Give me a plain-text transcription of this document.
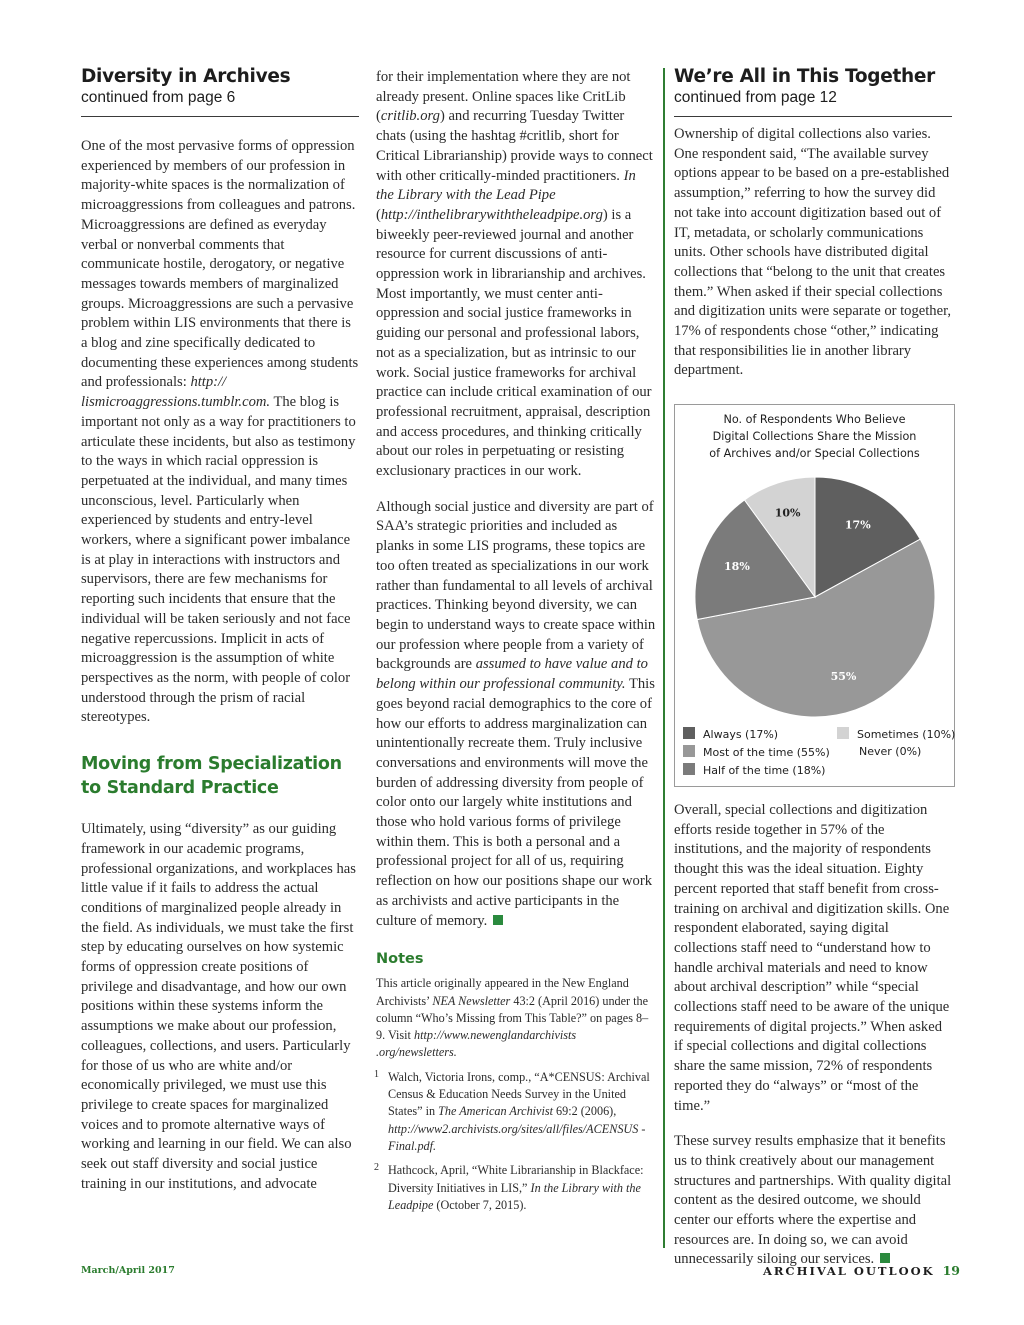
Diversity in Archives
continued from page 6

One of the most pervasive forms of oppression experienced by members of our profession in majority-white spaces is the normalization of microaggressions from colleagues and patrons. Microaggressions are defined as everyday verbal or nonverbal comments that communicate hostile, derogatory, or negative messages towards members of marginalized groups. Microaggressions are such a pervasive problem within LIS environments that there is a blog and zine specifically dedicated to documenting these experiences among students and professionals: http:// lismicroaggressions.tumblr.com. The blog is important not only as a way for practitioners to articulate these incidents, but also as testimony to the ways in which racial oppression is perpetuated at the individual, and many times unconscious, level. Particularly when experienced by students and entry-level workers, where a significant power imbalance is at play in interactions with instructors and supervisors, there are few mechanisms for reporting such incidents that ensure that the individual will be taken seriously and not face negative repercussions. Implicit in acts of microaggression is the assumption of white perspectives as the norm, with people of color understood through the prism of racial stereotypes.

Moving from Specialization
to Standard Practice

Ultimately, using “diversity” as our guiding framework in our academic programs, professional organizations, and workplaces has little value if it fails to address the actual conditions of marginalized people already in the field. As individuals, we must take the first step by educating ourselves on how systemic forms of oppression create positions of privilege and disadvantage, and how our own positions within these systems inform the assumptions we make about our profession, colleagues, collections, and users. Particularly for those of us who are white and/or economically privileged, we must use this privilege to create spaces for marginalized voices and to promote alternative ways of working and learning in our field. We can also seek out staff diversity and social justice training in our institutions, and advocate

for their implementation where they are not already present. Online spaces like CritLib (critlib.org) and recurring Tuesday Twitter chats (using the hashtag #critlib, short for Critical Librarianship) provide ways to connect with other critically-minded practitioners. In the Library with the Lead Pipe (http://inthelibrarywiththeleadpipe.org) is a biweekly peer-reviewed journal and another resource for current discussions of anti-oppression work in librarianship and archives. Most importantly, we must center anti-oppression and social justice frameworks in guiding our personal and professional labors, not as a specialization, but as intrinsic to our work. Social justice frameworks for archival practice can include critical examination of our professional recruitment, appraisal, description and access procedures, and thinking critically about our roles in perpetuating or resisting exclusionary practices in our work.

Although social justice and diversity are part of SAA’s strategic priorities and included as planks in some LIS programs, these topics are too often treated as specializations in our work rather than fundamental to all levels of archival practices. Thinking beyond diversity, we can begin to understand ways to create space within our profession where people from a variety of backgrounds are assumed to have value and to belong within our professional community. This goes beyond racial demographics to the core of how our efforts to address marginalization can unintentionally recreate them. Truly inclusive conversations and environments will move the burden of addressing diversity from people of color onto our largely white institutions and those who hold various forms of privilege within them. This is both a personal and a professional project for all of us, requiring reflection on how our positions shape our work as archivists and active participants in the culture of memory.

Notes

This article originally appeared in the New England Archivists’ NEA Newsletter 43:2 (April 2016) under the column “Who’s Missing from This Table?” on pages 8–9. Visit http://www.newenglandarchivists .org/newsletters.

1 Walch, Victoria Irons, comp., “A*CENSUS: Archival Census & Education Needs Survey in the United States” in The American Archivist 69:2 (2006), http://www2.archivists.org/sites/all/files/ACENSUS -Final.pdf.

2 Hathcock, April, “White Librarianship in Blackface: Diversity Initiatives in LIS,” In the Library with the Leadpipe (October 7, 2015).

We’re All in This Together
continued from page 12

Ownership of digital collections also varies. One respondent said, “The available survey options appear to be based on a pre-established assumption,” referring to how the survey did not take into account digitization based out of IT, metadata, or scholarly communications units. Other schools have distributed digital collections that “belong to the unit that creates them.” When asked if their special collections and digitization units were separate or together, 17% of respondents chose “other,” indicating that responsibilities lie in another library department.

No. of Respondents Who Believe
Digital Collections Share the Mission
of Archives and/or Special Collections
17%
55%
18%
10%
Always (17%)
Most of the time (55%)
Half of the time (18%)
Sometimes (10%)
Never (0%)

Overall, special collections and digitization efforts reside together in 57% of the institutions, and the majority of respondents thought this was the ideal situation. Eighty percent reported that staff benefit from cross-training on archival and digitization skills. One respondent elaborated, saying digital collections staff need to “understand how to handle archival materials and need to know about archival description” while “special collections staff need to be aware of the unique requirements of digital projects.” When asked if special collections and digital collections share the same mission, 72% of respondents reported they do “always” or “most of the time.”

These survey results emphasize that it benefits us to think creatively about our management structures and partnerships. With quality digital content as the desired outcome, we should center our efforts where the expertise and resources are. In doing so, we can avoid unnecessarily siloing our services.

March/April 2017	ARCHIVAL OUTLOOK 19
